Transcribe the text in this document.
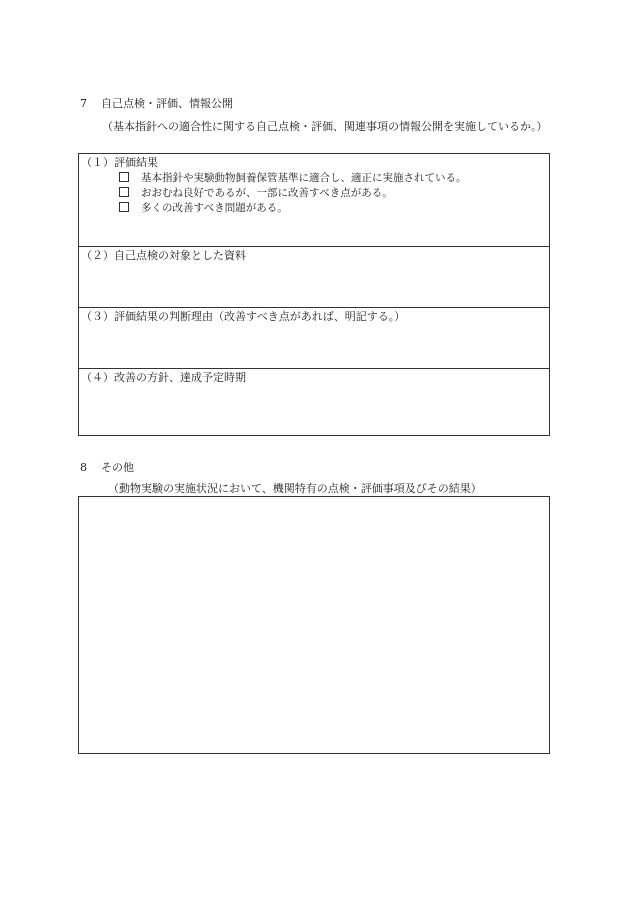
7 自己点検・評価、情報公開
（基本指針への適合性に関する自己点検・評価、関連事項の情報公開を実施しているか。）
（１）評価結果
基本指針や実験動物飼養保管基準に適合し、適正に実施されている。
おおむね良好であるが、一部に改善すべき点がある。
多くの改善すべき問題がある。
（２）自己点検の対象とした資料
（３）評価結果の判断理由（改善すべき点があれば、明記する。）
（４）改善の方針、達成予定時期
8 その他
（動物実験の実施状況において、機関特有の点検・評価事項及びその結果）
